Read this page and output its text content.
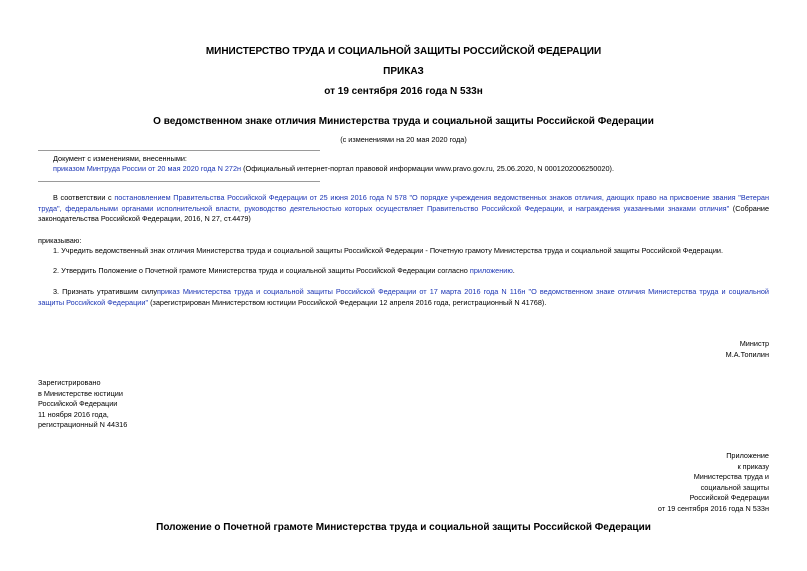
МИНИСТЕРСТВО ТРУДА И СОЦИАЛЬНОЙ ЗАЩИТЫ РОССИЙСКОЙ ФЕДЕРАЦИИ
ПРИКАЗ
от 19 сентября 2016 года N 533н
О ведомственном знаке отличия Министерства труда и социальной защиты Российской Федерации
(с изменениями на 20 мая 2020 года)
Документ с изменениями, внесенными:
приказом Минтруда России от 20 мая 2020 года N 272н (Официальный интернет-портал правовой информации www.pravo.gov.ru, 25.06.2020, N 0001202006250020).
В соответствии с постановлением Правительства Российской Федерации от 25 июня 2016 года N 578 "О порядке учреждения ведомственных знаков отличия, дающих право на присвоение звания "Ветеран труда", федеральными органами исполнительной власти, руководство деятельностью которых осуществляет Правительство Российской Федерации, и награждения указанными знаками отличия" (Собрание законодательства Российской Федерации, 2016, N 27, ст.4479)
приказываю:
1. Учредить ведомственный знак отличия Министерства труда и социальной защиты Российской Федерации - Почетную грамоту Министерства труда и социальной защиты Российской Федерации.
2. Утвердить Положение о Почетной грамоте Министерства труда и социальной защиты Российской Федерации согласно приложению.
3. Признать утратившим силуприказ Министерства труда и социальной защиты Российской Федерации от 17 марта 2016 года N 116н "О ведомственном знаке отличия Министерства труда и социальной защиты Российской Федерации" (зарегистрирован Министерством юстиции Российской Федерации 12 апреля 2016 года, регистрационный N 41768).
Министр
М.А.Топилин
Зарегистрировано
в Министерстве юстиции
Российской Федерации
11 ноября 2016 года,
регистрационный N 44316
Приложение
к приказу
Министерства труда и
социальной защиты
Российской Федерации
от 19 сентября 2016 года N 533н
Положение о Почетной грамоте Министерства труда и социальной защиты Российской Федерации
